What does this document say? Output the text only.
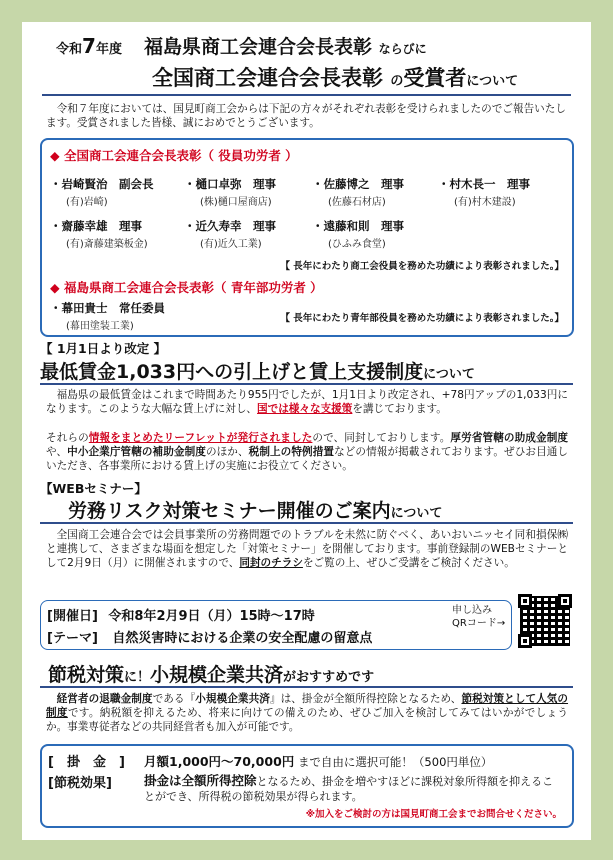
令和7年度 福島県商工会連合会長表彰 ならびに
全国商工会連合会長表彰 の受賞者について
令和７年度においては、国見町商工会からは下記の方々がそれぞれ表彰を受けられましたのでご報告いたします。受賞されました皆様、誠におめでとうございます。
◆ 全国商工会連合会長表彰（ 役員功労者 ）
・ 岩崎賢治　副会長
(有)岩崎)
・ 樋口卓弥　理事
(株)樋口屋商店)
・ 佐藤博之　理事
(佐藤石材店)
・ 村木長一　理事
(有)村木建設)
・ 齋藤幸雄　理事
(有)斎藤建築板金)
・ 近久寿幸　理事
(有)近久工業)
・ 遠藤和則　理事
(ひふみ食堂)
【 長年にわたり商工会役員を務めた功績により表彰されました。】
◆ 福島県商工会連合会長表彰（ 青年部功労者 ）
・ 幕田貴士　常任委員
(幕田塗装工業)
【 長年にわたり青年部役員を務めた功績により表彰されました。】
【 1月1日より改定 】
最低賃金1,033円への引上げと賃上支援制度について
福島県の最低賃金はこれまで時間あたり955円でしたが、1月1日より改定され、+78円アップの1,033円になります。このような大幅な賃上げに対し、国では様々な支援策を講じております。
それらの情報をまとめたリーフレットが発行されましたので、同封しておりします。厚労省管轄の助成金制度や、中小企業庁管轄の補助金制度のほか、税制上の特例措置などの情報が掲載されております。ぜひお目通しいただき、各事業所における賃上げの実施にお役立てください。
【WEBセミナー】
労務リスク対策セミナー開催のご案内について
全国商工会連合会では会員事業所の労務問題でのトラブルを未然に防ぐべく、あいおいニッセイ同和損保㈱と連携して、さまざまな場面を想定した「対策セミナー」を開催しております。事前登録制のWEBセミナーとして2月9日（月）に開催されますので、同封のチラシをご覧の上、ぜひご受講をご検討ください。
[開催日] 令和8年2月9日（月）15時～17時
[テーマ] 自然災害時における企業の安全配慮の留意点
申し込み
QRコード→
節税対策に！小規模企業共済がおすすめです
経営者の退職金制度である『小規模企業共済』は、掛金が全額所得控除となるため、節税対策として人気の制度です。納税額を抑えるため、将来に向けての備えのため、ぜひご加入を検討してみてはいかがでしょうか。事業専従者などの共同経営者も加入が可能です。
[　掛　金　] 月額1,000円～70,000円 まで自由に選択可能！（500円単位）
[節税効果]	掛金は全額所得控除となるため、掛金を増やすほどに課税対象所得額を抑えることができ、所得税の節税効果が得られます。
※加入をご検討の方は国見町商工会までお問合せください。
